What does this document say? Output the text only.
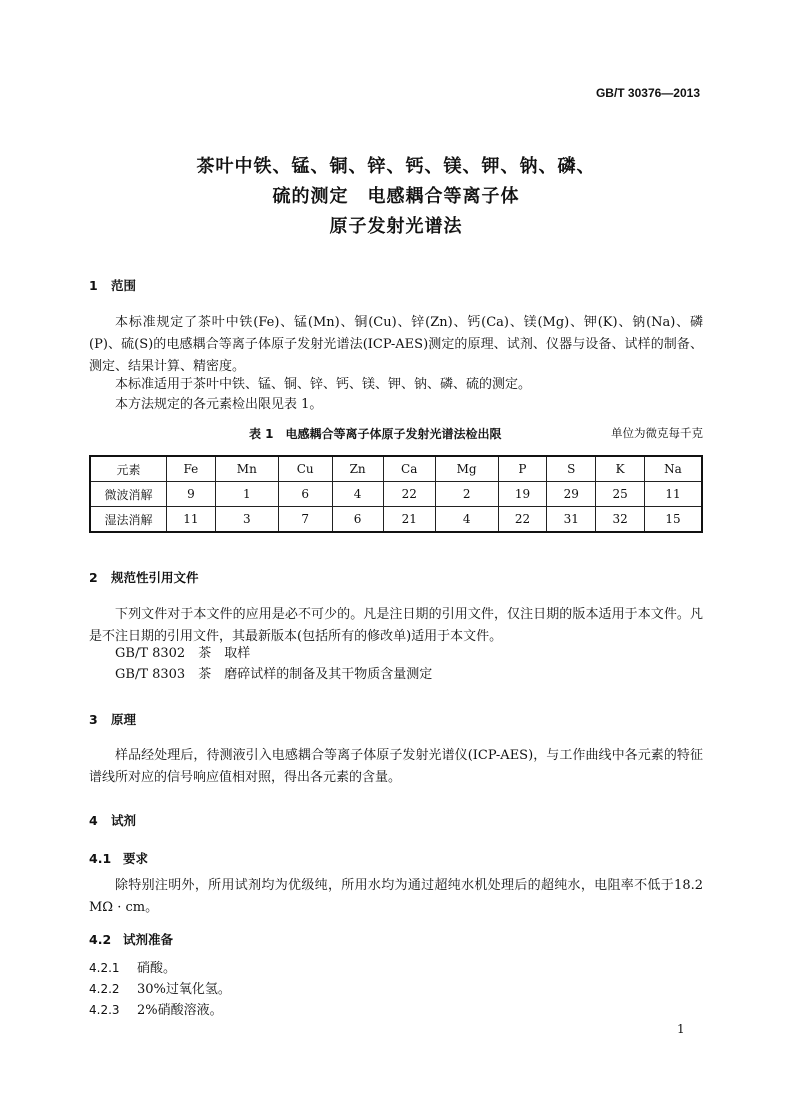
GB/T 30376—2013
茶叶中铁、锰、铜、锌、钙、镁、钾、钠、磷、
硫的测定　电感耦合等离子体
原子发射光谱法
1 范围
本标准规定了茶叶中铁(Fe)、锰(Mn)、铜(Cu)、锌(Zn)、钙(Ca)、镁(Mg)、钾(K)、钠(Na)、磷(P)、硫(S)的电感耦合等离子体原子发射光谱法(ICP-AES)测定的原理、试剂、仪器与设备、试样的制备、测定、结果计算、精密度。
本标准适用于茶叶中铁、锰、铜、锌、钙、镁、钾、钠、磷、硫的测定。
本方法规定的各元素检出限见表 1。
表 1　电感耦合等离子体原子发射光谱法检出限	单位为微克每千克
元素	Fe	Mn	Cu	Zn	Ca	Mg	P	S	K	Na
微波消解	9	1	6	4	22	2	19	29	25	11
湿法消解	11	3	7	6	21	4	22	31	32	15
2 规范性引用文件
下列文件对于本文件的应用是必不可少的。凡是注日期的引用文件，仅注日期的版本适用于本文件。凡是不注日期的引用文件，其最新版本(包括所有的修改单)适用于本文件。
GB/T 8302　茶　取样
GB/T 8303　茶　磨碎试样的制备及其干物质含量测定
3 原理
样品经处理后，待测液引入电感耦合等离子体原子发射光谱仪(ICP-AES)，与工作曲线中各元素的特征谱线所对应的信号响应值相对照，得出各元素的含量。
4 试剂
4.1 要求
除特别注明外，所用试剂均为优级纯，所用水均为通过超纯水机处理后的超纯水，电阻率不低于18.2 MΩ · cm。
4.2 试剂准备
4.2.1 硝酸。
4.2.2 30%过氧化氢。
4.2.3 2%硝酸溶液。
1
